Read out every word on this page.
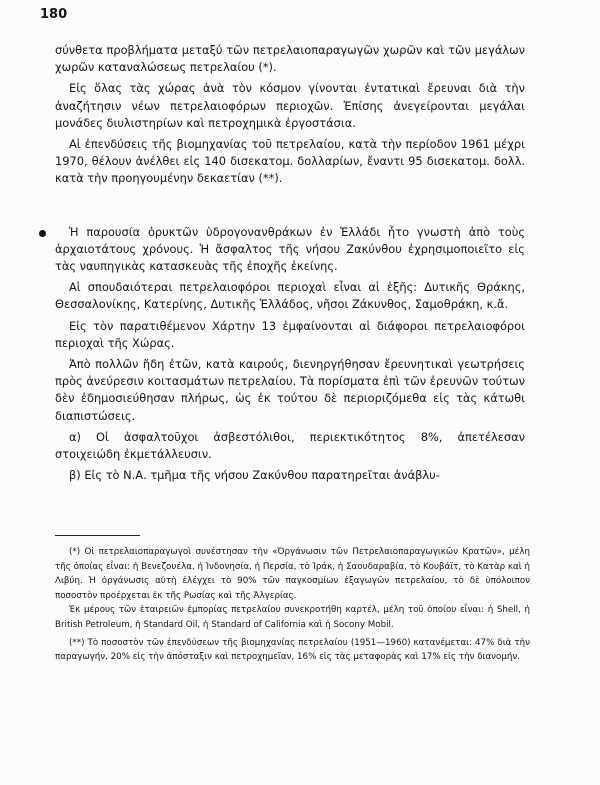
180

σύνθετα προβλήματα μεταξύ τῶν πετρελαιοπαραγωγῶν χωρῶν καὶ τῶν μεγάλων χωρῶν καταναλώσεως πετρελαίου (*).

Εἰς ὅλας τὰς χώρας ἀνὰ τὸν κόσμον γίνονται ἐντατικαὶ ἔρευναι διὰ τὴν ἀναζήτησιν νέων πετρελαιοφόρων περιοχῶν. Ἐπίσης ἀνεγείρονται μεγάλαι μονάδες διυλιστηρίων καὶ πετροχημικὰ ἐργοστάσια.

Αἱ ἐπενδύσεις τῆς βιομηχανίας τοῦ πετρελαίου, κατὰ τὴν περίοδον 1961 μέχρι 1970, θέλουν ἀνέλθει εἰς 140 δισεκατομ. δολλαρίων, ἔναντι 95 δισεκατομ. δολλ. κατὰ τὴν προηγουμένην δεκαετίαν (**).

Ἡ παρουσία ὀρυκτῶν ὑδρογονανθράκων ἐν Ἑλλάδι ἦτο γνωστὴ ἀπὸ τοὺς ἀρχαιοτάτους χρόνους. Ἡ ἄσφαλτος τῆς νήσου Ζακύνθου ἐχρησιμοποιεῖτο εἰς τὰς ναυπηγικὰς κατασκευὰς τῆς ἐποχῆς ἐκείνης.

Αἱ σπουδαιότεραι πετρελαιοφόροι περιοχαὶ εἶναι αἱ ἑξῆς: Δυτικῆς Θράκης, Θεσσαλονίκης, Κατερίνης, Δυτικῆς Ἑλλάδος, νῆσοι Ζάκυνθος, Σαμοθράκη, κ.ἄ.

Εἰς τὸν παρατιθέμενον Χάρτην 13 ἐμφαίνονται αἱ διάφοροι πετρελαιοφόροι περιοχαὶ τῆς Χώρας.

Ἀπὸ πολλῶν ἤδη ἐτῶν, κατὰ καιρούς, διενηργήθησαν ἔρευνητικαὶ γεωτρήσεις πρὸς ἀνεύρεσιν κοιτασμάτων πετρελαίου. Τὰ πορίσματα ἐπὶ τῶν ἐρευνῶν τούτων δὲν ἐδημοσιεύθησαν πλήρως, ὡς ἐκ τούτου δὲ περιοριζόμεθα εἰς τὰς κάτωθι διαπιστώσεις.

α) Οἱ ἀσφαλτοῦχοι ἀσβεστόλιθοι, περιεκτικότητος 8%, ἀπετέλεσαν στοιχειώδη ἐκμετάλλευσιν.

β) Εἰς τὸ Ν.Α. τμῆμα τῆς νήσου Ζακύνθου παρατηρεῖται ἀνάβλυ-

(*) Οἱ πετρελαιοπαραγωγοὶ συνέστησαν τὴν «Ὀργάνωσιν τῶν Πετρελαιοπαραγωγικῶν Κρατῶν», μέλη τῆς ὁποίας εἶναι: ἡ Βενεζουέλα, ἡ Ἰνδονησία, ἡ Περσία, τὸ Ἰράκ, ἡ Σαουδαραβία, τὸ Κουβάϊτ, τὸ Κατὰρ καὶ ἡ Λιβύη. Ἡ ὀργάνωσις αὐτὴ ἐλέγχει τὸ 90% τῶν παγκοσμίων ἐξαγωγῶν πετρελαίου, τὸ δὲ ὑπόλοιπον ποσοστὸν προέρχεται ἐκ τῆς Ρωσίας καὶ τῆς Ἀλγερίας.

Ἐκ μέρους τῶν ἑταιρειῶν ἐμπορίας πετρελαίου συνεκροτήθη καρτέλ, μέλη τοῦ ὁποίου εἶναι: ἡ Shell, ἡ British Petroleum, ἡ Standard Oil, ἡ Standard of California καὶ ἡ Socony Mobil.

(**) Τὸ ποσοστὸν τῶν ἐπενδύσεων τῆς βιομηχανίας πετρελαίου (1951—1960) κατανέμεται: 47% διὰ τὴν παραγωγήν, 20% εἰς τὴν ἀπόσταξιν καὶ πετροχημεῖαν, 16% εἰς τὰς μεταφορὰς καὶ 17% εἰς τὴν διανομήν.
